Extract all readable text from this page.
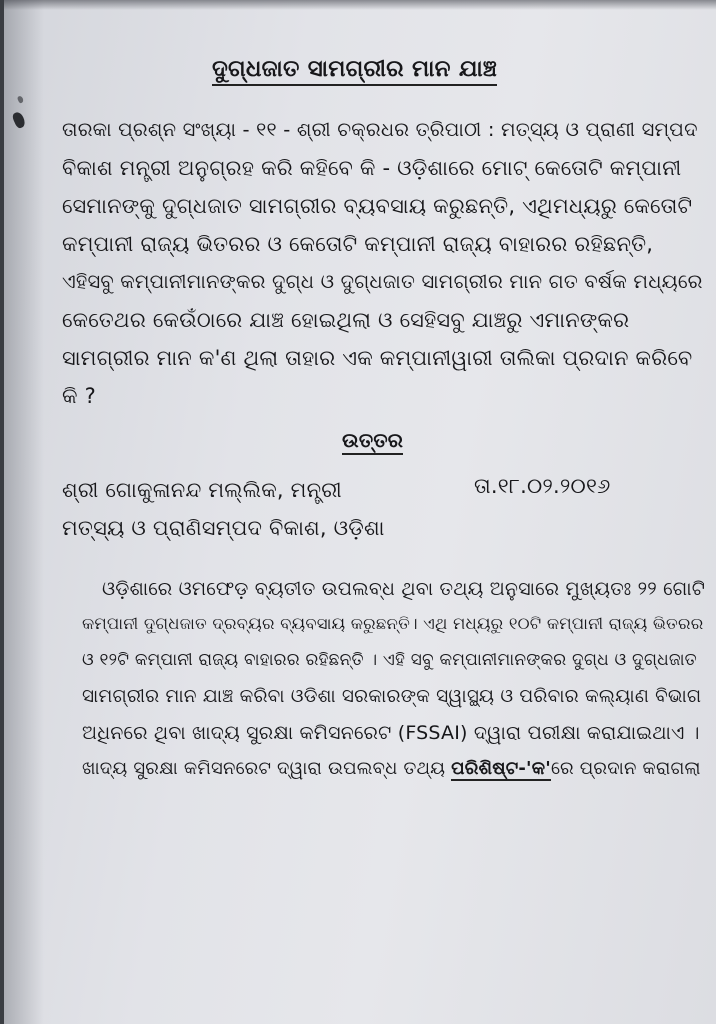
ଦୁଗ୍ଧଜାତ ସାମଗ୍ରୀର ମାନ ଯାଞ୍ଚ
ତାରକା ପ୍ରଶ୍ନ ସଂଖ୍ୟା - ୧୧ - ଶ୍ରୀ ଚକ୍ରଧର ତ୍ରିପାଠୀ : ମତ୍ସ୍ୟ ଓ ପ୍ରାଣୀ ସମ୍ପଦ
ବିକାଶ ମନ୍ତ୍ରୀ ଅନୁଗ୍ରହ କରି କହିବେ କି - ଓଡ଼ିଶାରେ ମୋଟ୍ କେତୋଟି କମ୍ପାନୀ
ସେମାନଙ୍କୁ ଦୁଗ୍ଧଜାତ ସାମଗ୍ରୀର ବ୍ୟବସାୟ କରୁଛନ୍ତି, ଏଥିମଧ୍ୟରୁ କେତୋଟି
କମ୍ପାନୀ ରାଜ୍ୟ ଭିତରର ଓ କେତୋଟି କମ୍ପାନୀ ରାଜ୍ୟ ବାହାରର ରହିଛନ୍ତି,
ଏହିସବୁ କମ୍ପାନୀମାନଙ୍କର ଦୁଗ୍ଧ ଓ ଦୁଗ୍ଧଜାତ ସାମଗ୍ରୀର ମାନ ଗତ ବର୍ଷକ ମଧ୍ୟରେ
କେତେଥର କେଉଁଠାରେ ଯାଞ୍ଚ ହୋଇଥିଲା ଓ ସେହିସବୁ ଯାଞ୍ଚରୁ ଏମାନଙ୍କର
ସାମଗ୍ରୀର ମାନ କ'ଣ ଥିଲା ତାହାର ଏକ କମ୍ପାନୀୱାରୀ ତାଲିକା ପ୍ରଦାନ କରିବେ
କି ?
ଉତ୍ତର
ଶ୍ରୀ ଗୋକୁଳାନନ୍ଦ ମଲ୍ଲିକ, ମନ୍ତ୍ରୀ	ତା.୧୮.୦୨.୨୦୧୬
ମତ୍ସ୍ୟ ଓ ପ୍ରାଣିସମ୍ପଦ ବିକାଶ, ଓଡ଼ିଶା
ଓଡ଼ିଶାରେ ଓମଫେଡ଼ ବ୍ୟତୀତ ଉପଲବ୍ଧ ଥିବା ତଥ୍ୟ ଅନୁସାରେ ମୁଖ୍ୟତଃ ୨୨ ଗୋଟି
କମ୍ପାନୀ ଦୁଗ୍ଧଜାତ ଦ୍ରବ୍ୟର ବ୍ୟବସାୟ କରୁଛନ୍ତି। ଏଥି ମଧ୍ୟରୁ ୧୦ଟି କମ୍ପାନୀ ରାଜ୍ୟ ଭିତରର
ଓ ୧୨ଟି କମ୍ପାନୀ ରାଜ୍ୟ ବାହାରର ରହିଛନ୍ତି । ଏହି ସବୁ କମ୍ପାନୀମାନଙ୍କର ଦୁଗ୍ଧ ଓ ଦୁଗ୍ଧଜାତ
ସାମଗ୍ରୀର ମାନ ଯାଞ୍ଚ କରିବା ଓଡିଶା ସରକାରଙ୍କ ସ୍ୱାସ୍ଥ୍ୟ ଓ ପରିବାର କଲ୍ୟାଣ ବିଭାଗ
ଅଧିନରେ ଥିବା ଖାଦ୍ୟ ସୁରକ୍ଷା କମିସନରେଟ (FSSAI) ଦ୍ୱାରା ପରୀକ୍ଷା କରାଯାଇଥାଏ ।
ଖାଦ୍ୟ ସୁରକ୍ଷା କମିସନରେଟ ଦ୍ୱାରା ଉପଲବ୍ଧ ତଥ୍ୟ ପରିଶିଷ୍ଟ-'କ'ରେ ପ୍ରଦାନ କରାଗଲା
